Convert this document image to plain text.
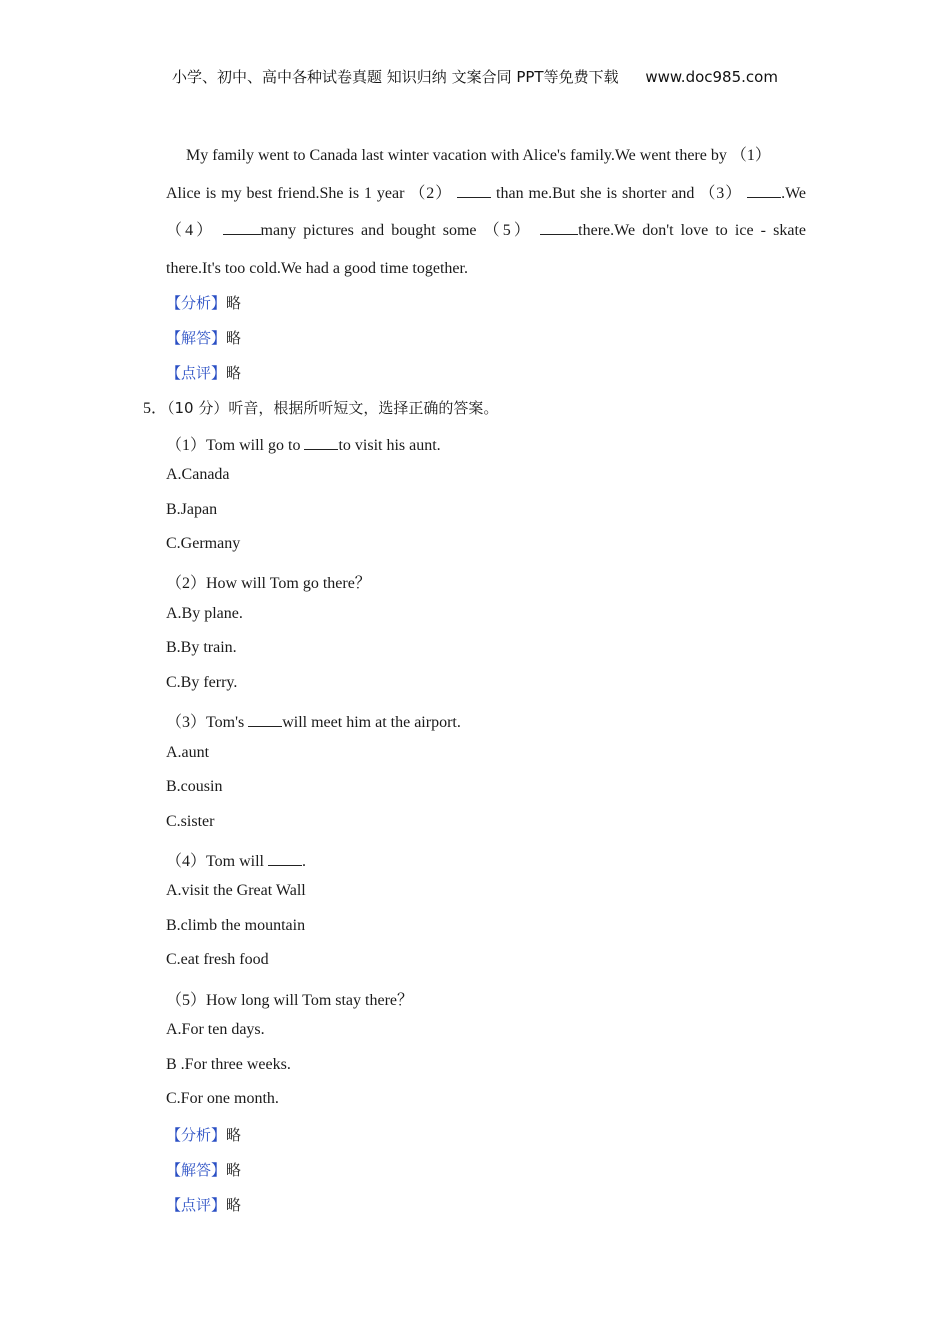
小学、初中、高中各种试卷真题 知识归纳 文案合同 PPT等免费下载 www.doc985.com
My family went to Canada last winter vacation with Alice's family.We went there by （1）
Alice is my best friend.She is 1 year （2）	than me.But she is shorter and （3） .We
（4）	many pictures and bought some （5）	there.We don't love to ice - skate
there.It's too cold.We had a good time together.
【分析】略
【解答】略
【点评】略
5．（10 分）听音，根据所听短文，选择正确的答案。
（1）Tom will go to to visit his aunt.
A.Canada
B.Japan
C.Germany
（2）How will Tom go there？
A.By plane.
B.By train.
C.By ferry.
（3）Tom's will meet him at the airport.
A.aunt
B.cousin
C.sister
（4）Tom will .
A.visit the Great Wall
B.climb the mountain
C.eat fresh food
（5）How long will Tom stay there？
A.For ten days.
B .For three weeks.
C.For one month.
【分析】略
【解答】略
【点评】略
